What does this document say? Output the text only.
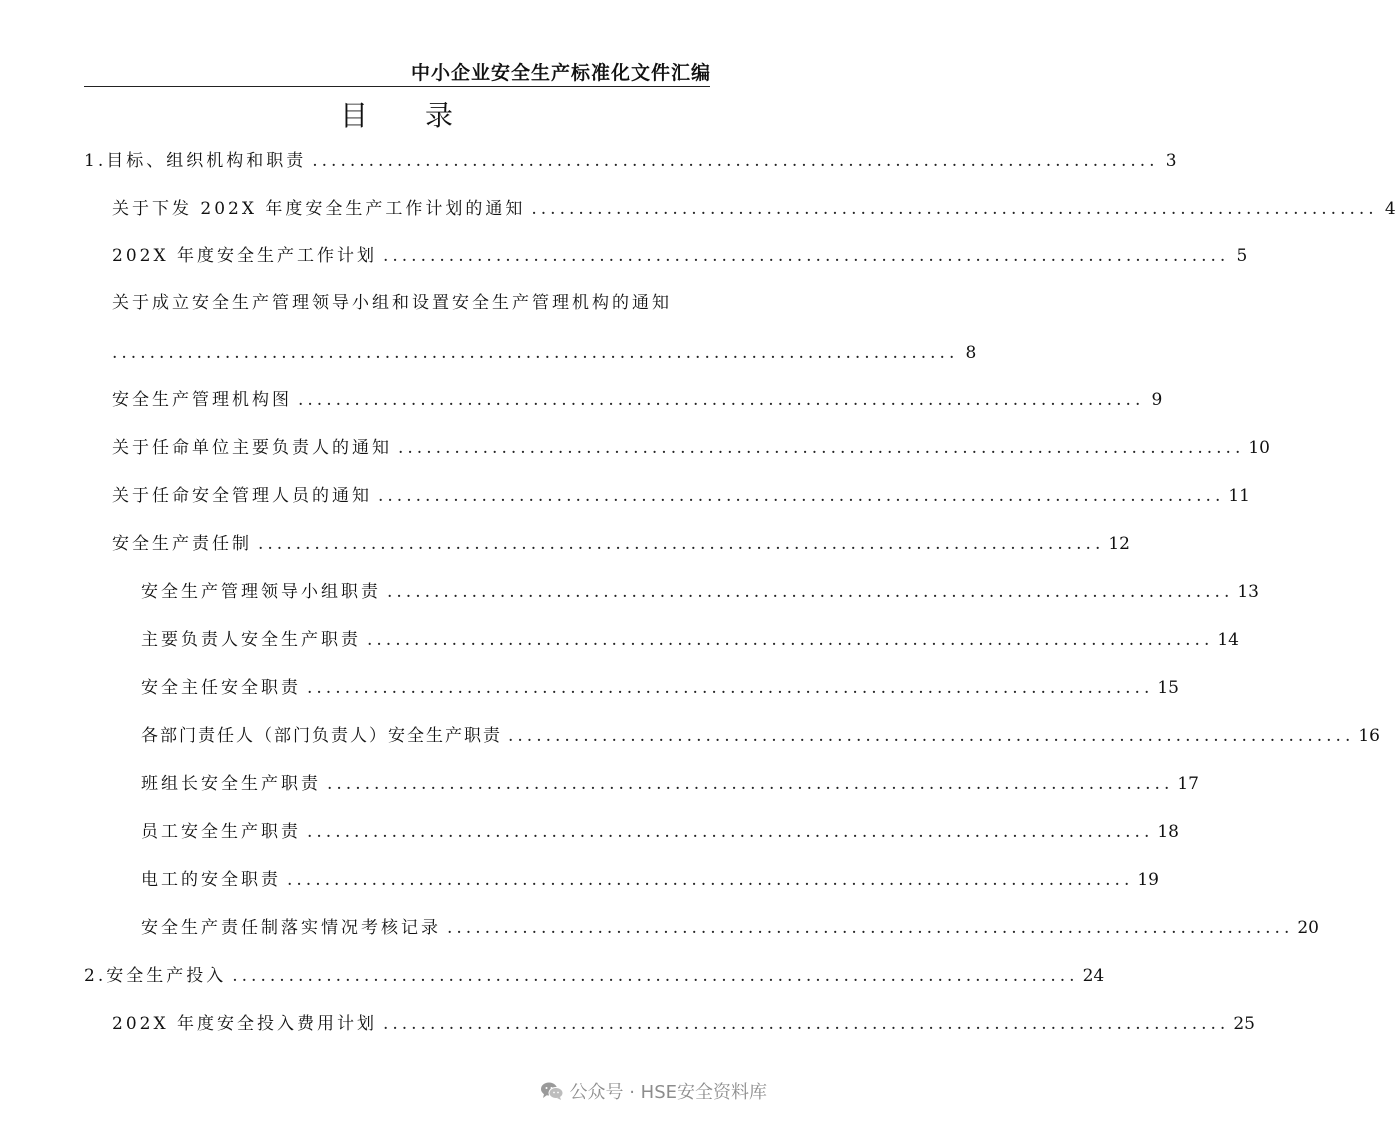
中小企业安全生产标准化文件汇编
目 录
1.目标、组织机构和职责 .......................................................................................... 3
关于下发 202X 年度安全生产工作计划的通知 .......................................................................................... 4
202X 年度安全生产工作计划 .......................................................................................... 5
关于成立安全生产管理领导小组和设置安全生产管理机构的通知
.......................................................................................... 8
安全生产管理机构图 .......................................................................................... 9
关于任命单位主要负责人的通知 .......................................................................................... 10
关于任命安全管理人员的通知 .......................................................................................... 11
安全生产责任制 .......................................................................................... 12
安全生产管理领导小组职责 .......................................................................................... 13
主要负责人安全生产职责 .......................................................................................... 14
安全主任安全职责 .......................................................................................... 15
各部门责任人（部门负责人）安全生产职责 .......................................................................................... 16
班组长安全生产职责 .......................................................................................... 17
员工安全生产职责 .......................................................................................... 18
电工的安全职责 .......................................................................................... 19
安全生产责任制落实情况考核记录 .......................................................................................... 20
2.安全生产投入 .......................................................................................... 24
202X 年度安全投入费用计划 .......................................................................................... 25
公众号 · HSE安全资料库
